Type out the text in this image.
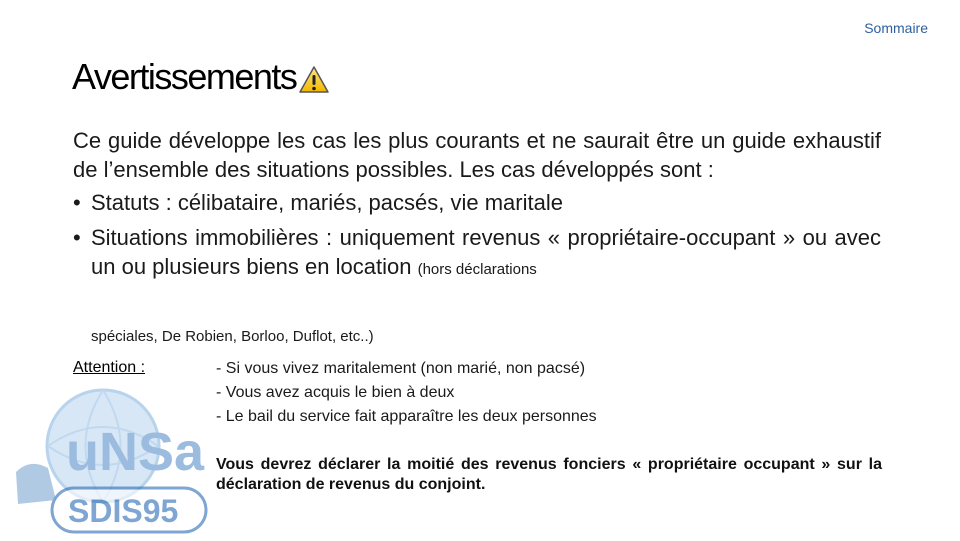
Sommaire
Avertissements

Ce guide développe les cas les plus courants et ne saurait être un guide exhaustif de l’ensemble des situations possibles. Les cas développés sont :

• Statuts : célibataire, mariés, pacsés, vie maritale
• Situations immobilières : uniquement revenus « propriétaire-occupant » ou avec un ou plusieurs biens en location (hors déclarations
spéciales, De Robien, Borloo, Duflot, etc..)
Attention :	- Si vous vivez maritalement (non marié, non pacsé)
- Vous avez acquis le bien à deux
- Le bail du service fait apparaître les deux personnes
Vous devrez déclarer la moitié des revenus fonciers « propriétaire occupant » sur la déclaration de revenus du conjoint.
uNSa
SDIS95
